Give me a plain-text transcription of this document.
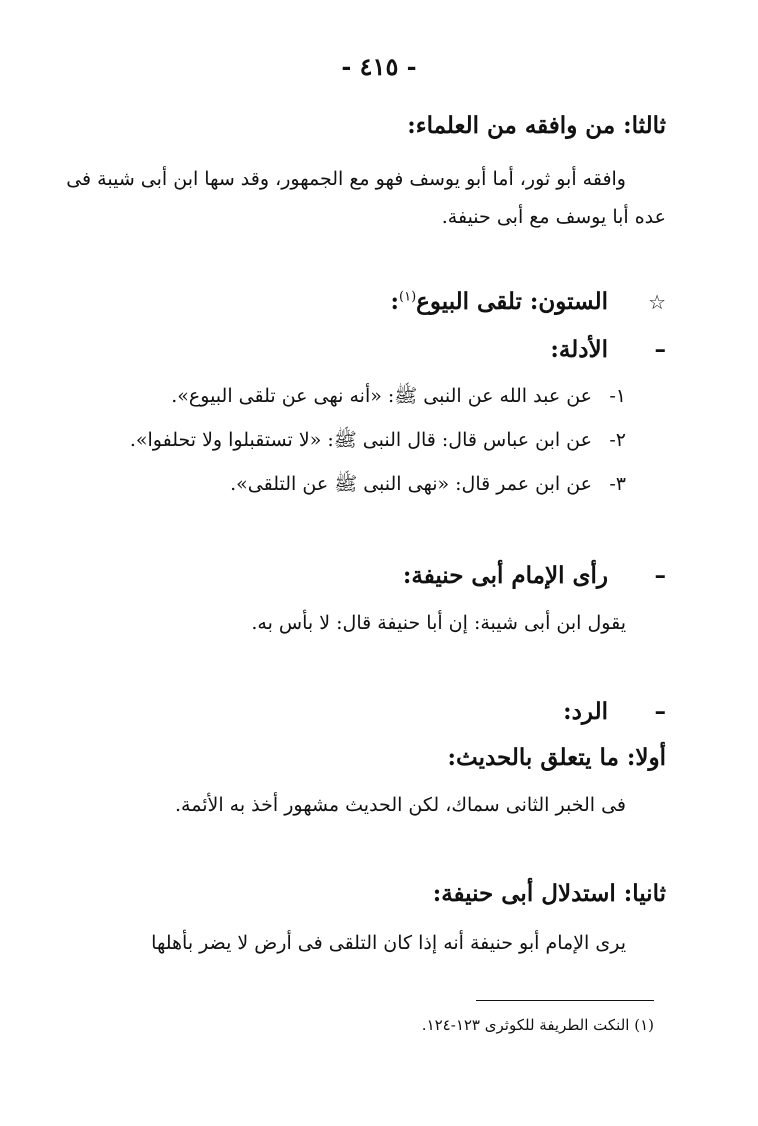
- ٤١٥ -
ثالثا: من وافقه من العلماء:
وافقه أبو ثور، أما أبو يوسف فهو مع الجمهور، وقد سها ابن أبى شيبة فى
عده أبا يوسف مع أبى حنيفة.
☆الستون: تلقى البيوع$^{(١)}$:
–الأدلة:
١-عن عبد الله عن النبى ﷺ: «أنه نهى عن تلقى البيوع».
٢-عن ابن عباس قال: قال النبى ﷺ: «لا تستقبلوا ولا تحلفوا».
٣-عن ابن عمر قال: «نهى النبى ﷺ عن التلقى».
–رأى الإمام أبى حنيفة:
يقول ابن أبى شيبة: إن أبا حنيفة قال: لا بأس به.
–الرد:
أولا: ما يتعلق بالحديث:
فى الخبر الثانى سماك، لكن الحديث مشهور أخذ به الأئمة.
ثانيا: استدلال أبى حنيفة:
يرى الإمام أبو حنيفة أنه إذا كان التلقى فى أرض لا يضر بأهلها
(١) النكت الطريفة للكوثرى ١٢٣-١٢٤.
